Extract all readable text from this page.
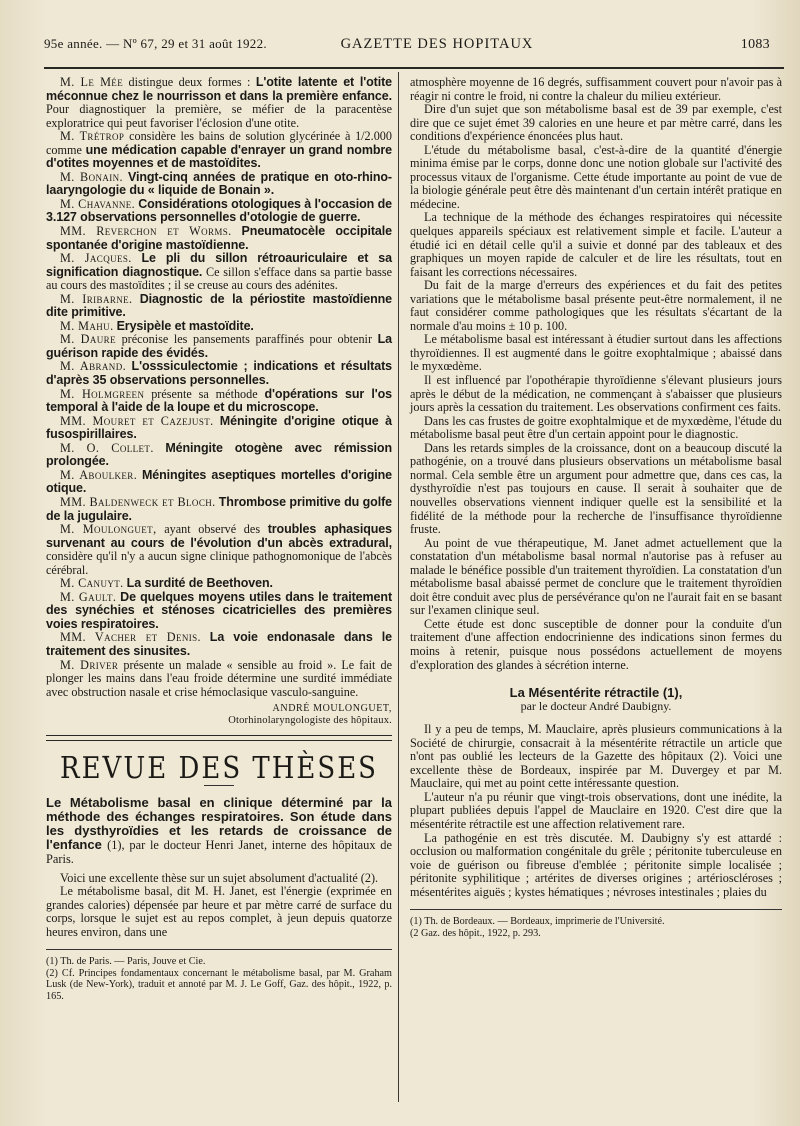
95e année. — Nº 67, 29 et 31 août 1922.	GAZETTE DES HOPITAUX	1083

M. Le Mée distingue deux formes : L'otite latente et l'otite méconnue chez le nourrisson et dans la première enfance. Pour diagnostiquer la première, se méfier de la paracentèse exploratrice qui peut favoriser l'éclosion d'une otite.

M. Trétrop considère les bains de solution glycérinée à 1/2.000 comme une médication capable d'enrayer un grand nombre d'otites moyennes et de mastoïdites.

M. Bonain. Vingt-cinq années de pratique en oto-rhino-laaryngologie du « liquide de Bonain ».

M. Chavanne. Considérations otologiques à l'occasion de 3.127 observations personnelles d'otologie de guerre.

MM. Reverchon et Worms. Pneumatocèle occipitale spontanée d'origine mastoïdienne.

M. Jacques. Le pli du sillon rétroauriculaire et sa signification diagnostique. Ce sillon s'efface dans sa partie basse au cours des mastoïdites ; il se creuse au cours des adénites.

M. Iribarne. Diagnostic de la périostite mastoïdienne dite primitive.

M. Mahu. Erysipèle et mastoïdite.

M. Daure préconise les pansements paraffinés pour obtenir La guérison rapide des évidés.

M. Abrand. L'osssiculectomie ; indications et résultats d'après 35 observations personnelles.

M. Holmgreen présente sa méthode d'opérations sur l'os temporal à l'aide de la loupe et du microscope.

MM. Mouret et Cazejust. Méningite d'origine otique à fusospirillaires.

M. O. Collet. Méningite otogène avec rémission prolongée.

M. Aboulker. Méningites aseptiques mortelles d'origine otique.

MM. Baldenweck et Bloch. Thrombose primitive du golfe de la jugulaire.

M. Moulonguet, ayant observé des troubles aphasiques survenant au cours de l'évolution d'un abcès extradural, considère qu'il n'y a aucun signe clinique pathognomonique de l'abcès cérébral.

M. Canuyt. La surdité de Beethoven.

M. Gault. De quelques moyens utiles dans le traitement des synéchies et sténoses cicatricielles des premières voies respiratoires.

MM. Vacher et Denis. La voie endonasale dans le traitement des sinusites.

M. Driver présente un malade « sensible au froid ». Le fait de plonger les mains dans l'eau froide détermine une surdité immédiate avec obstruction nasale et crise hémoclasique vasculo-sanguine.

ANDRÉ MOULONGUET,
Otorhinolaryngologiste des hôpitaux.
REVUE DES THÈSES
Le Métabolisme basal en clinique déterminé par la méthode des échanges respiratoires. Son étude dans les dysthyroïdies et les retards de croissance de l'enfance (1), par le docteur Henri Janet, interne des hôpitaux de Paris.

Voici une excellente thèse sur un sujet absolument d'actualité (2).

Le métabolisme basal, dit M. H. Janet, est l'énergie (exprimée en grandes calories) dépensée par heure et par mètre carré de surface du corps, lorsque le sujet est au repos complet, à jeun depuis quatorze heures environ, dans une

(1) Th. de Paris. — Paris, Jouve et Cie.
(2) Cf. Principes fondamentaux concernant le métabolisme basal, par M. Graham Lusk (de New-York), traduit et annoté par M. J. Le Goff, Gaz. des hôpit., 1922, p. 165.

atmosphère moyenne de 16 degrés, suffisamment couvert pour n'avoir pas à réagir ni contre le froid, ni contre la chaleur du milieu extérieur.

Dire d'un sujet que son métabolisme basal est de 39 par exemple, c'est dire que ce sujet émet 39 calories en une heure et par mètre carré, dans les conditions d'expérience énoncées plus haut.

L'étude du métabolisme basal, c'est-à-dire de la quantité d'énergie minima émise par le corps, donne donc une notion globale sur l'activité des processus vitaux de l'organisme. Cette étude importante au point de vue de la biologie générale peut être dès maintenant d'un certain intérêt pratique en médecine.

La technique de la méthode des échanges respiratoires qui nécessite quelques appareils spéciaux est relativement simple et facile. L'auteur a étudié ici en détail celle qu'il a suivie et donné par des tableaux et des graphiques un moyen rapide de calculer et de lire les résultats, tout en faisant les corrections nécessaires.

Du fait de la marge d'erreurs des expériences et du fait des petites variations que le métabolisme basal présente peut-être normalement, il ne faut considérer comme pathologiques que les résultats s'écartant de la normale d'au moins ± 10 p. 100.

Le métabolisme basal est intéressant à étudier surtout dans les affections thyroïdiennes. Il est augmenté dans le goitre exophtalmique ; abaissé dans le myxœdème.

Il est influencé par l'opothérapie thyroïdienne s'élevant plusieurs jours après le début de la médication, ne commençant à s'abaisser que plusieurs jours après la cessation du traitement. Les observations confirment ces faits.

Dans les cas frustes de goitre exophtalmique et de myxœdème, l'étude du métabolisme basal peut être d'un certain appoint pour le diagnostic.

Dans les retards simples de la croissance, dont on a beaucoup discuté la pathogénie, on a trouvé dans plusieurs observations un métabolisme basal normal. Cela semble être un argument pour admettre que, dans ces cas, la dysthyroïdie n'est pas toujours en cause. Il serait à souhaiter que de nouvelles observations viennent indiquer quelle est la sensibilité et la fidélité de la méthode pour la recherche de l'insuffisance thyroïdienne fruste.

Au point de vue thérapeutique, M. Janet admet actuellement que la constatation d'un métabolisme basal normal n'autorise pas à refuser au malade le bénéfice possible d'un traitement thyroïdien. La constatation d'un métabolisme basal abaissé permet de conclure que le traitement thyroïdien doit être conduit avec plus de persévérance qu'on ne l'aurait fait en se basant sur l'examen clinique seul.

Cette étude est donc susceptible de donner pour la conduite d'un traitement d'une affection endocrinienne des indications sinon fermes du moins à retenir, puisque nous possédons actuellement de moyens d'exploration des glandes à sécrétion interne.

La Mésentérite rétractile (1),
par le docteur André Daubigny.

Il y a peu de temps, M. Mauclaire, après plusieurs communications à la Société de chirurgie, consacrait à la mésentérite rétractile un article que n'ont pas oublié les lecteurs de la Gazette des hôpitaux (2). Voici une excellente thèse de Bordeaux, inspirée par M. Duvergey et par M. Mauclaire, qui met au point cette intéressante question.

L'auteur n'a pu réunir que vingt-trois observations, dont une inédite, la plupart publiées depuis l'appel de Mauclaire en 1920. C'est dire que la mésentérite rétractile est une affection relativement rare.

La pathogénie en est très discutée. M. Daubigny s'y est attardé : occlusion ou malformation congénitale du grêle ; péritonite tuberculeuse en voie de guérison ou fibreuse d'emblée ; péritonite simple localisée ; péritonite syphilitique ; artérites de diverses origines ; artérioscléroses ; mésentérites aiguës ; kystes hématiques ; névroses intestinales ; plaies du

(1) Th. de Bordeaux. — Bordeaux, imprimerie de l'Université.
(2 Gaz. des hôpit., 1922, p. 293.
